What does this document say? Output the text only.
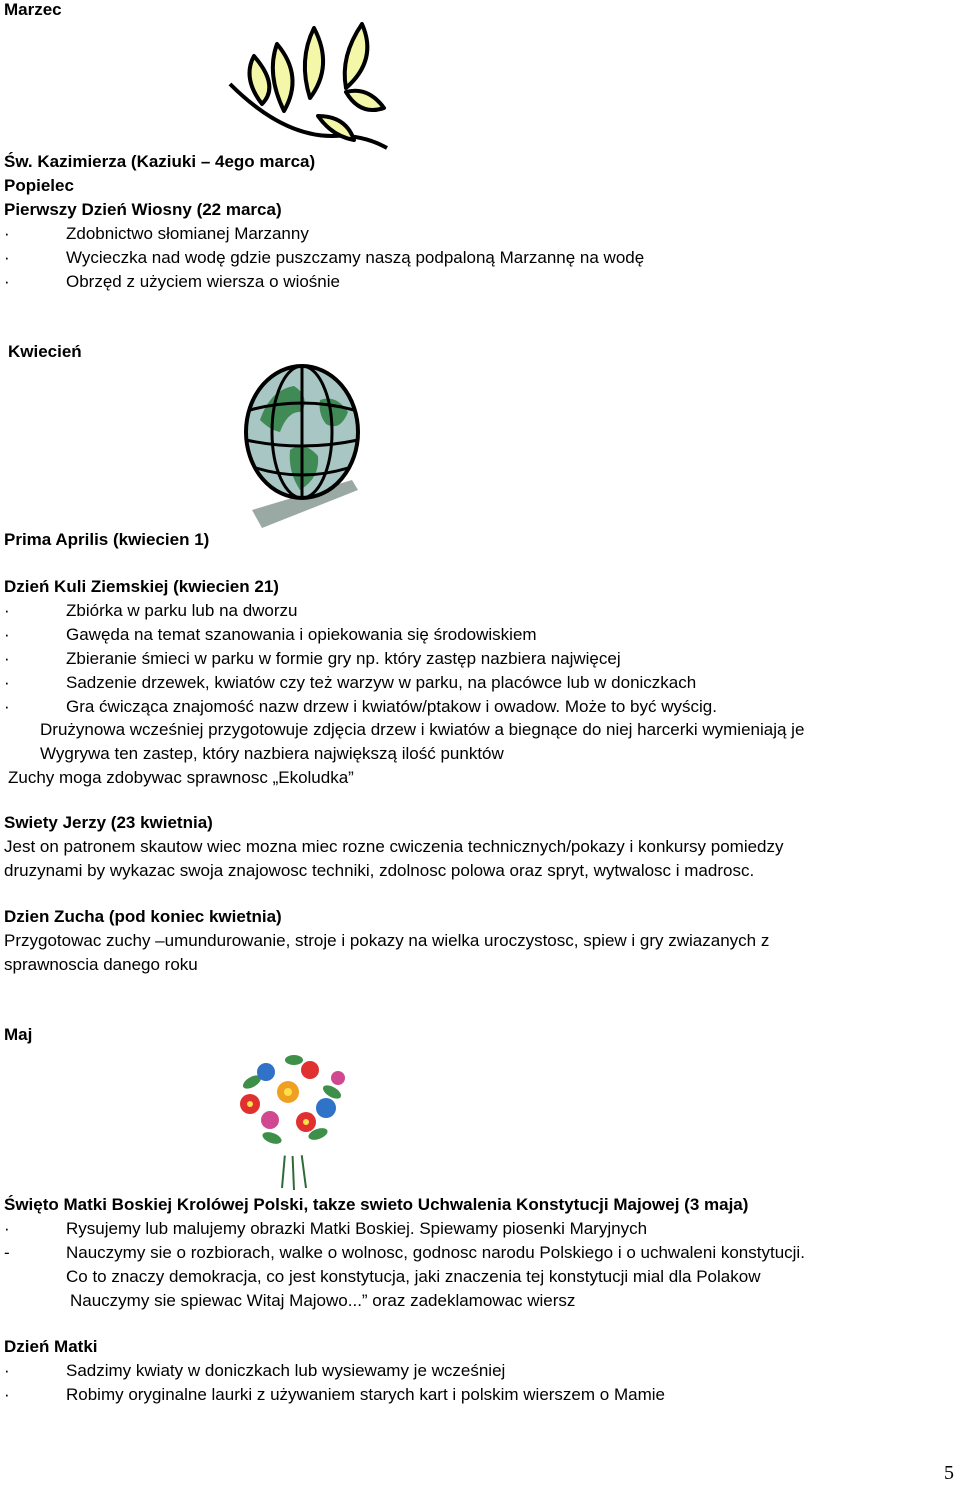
Marzec
Św. Kazimierza (Kaziuki – 4ego marca)
Popielec
Pierwszy Dzień Wiosny (22 marca)
·	Zdobnictwo słomianej Marzanny
·	Wycieczka nad wodę gdzie puszczamy naszą podpaloną Marzannę na wodę
·	Obrzęd z użyciem wiersza o wiośnie
Kwiecień
Prima Aprilis (kwiecien 1)
Dzień Kuli Ziemskiej (kwiecien 21)
·	Zbiórka w parku lub na dworzu
·	Gawęda na temat szanowania i opiekowania się środowiskiem
·	Zbieranie śmieci w parku w formie gry np. który zastęp nazbiera najwięcej
·	Sadzenie drzewek, kwiatów czy też warzyw w parku, na placówce lub w doniczkach
·	Gra ćwicząca znajomość nazw drzew i kwiatów/ptakow i owadow. Może to być wyścig.
Drużynowa wcześniej przygotowuje zdjęcia drzew i kwiatów a biegnące do niej harcerki wymieniają je
Wygrywa ten zastep, który nazbiera największą ilość punktów
Zuchy moga zdobywac sprawnosc „Ekoludka”
Swiety Jerzy (23 kwietnia)
Jest on patronem skautow wiec mozna miec rozne cwiczenia technicznych/pokazy i konkursy pomiedzy
druzynami by wykazac swoja znajowosc techniki, zdolnosc polowa oraz spryt, wytwalosc i madrosc.
Dzien Zucha (pod koniec kwietnia)
Przygotowac zuchy –umundurowanie, stroje i pokazy na wielka uroczystosc, spiew i gry zwiazanych z
sprawnoscia danego roku
Maj
Święto Matki Boskiej Krolówej Polski, takze swieto Uchwalenia Konstytucji Majowej (3 maja)
·	Rysujemy lub malujemy obrazki Matki Boskiej. Spiewamy piosenki Maryjnych
-	Nauczymy sie o rozbiorach, walke o wolnosc, godnosc narodu Polskiego i o uchwaleni konstytucji.
Co to znaczy demokracja, co jest konstytucja, jaki znaczenia tej konstytucji mial dla Polakow
Nauczymy sie spiewac Witaj Majowo...” oraz zadeklamowac wiersz
Dzień Matki
·	Sadzimy kwiaty w doniczkach lub wysiewamy je wcześniej
·	Robimy oryginalne laurki z używaniem starych kart i polskim wierszem o Mamie
5
